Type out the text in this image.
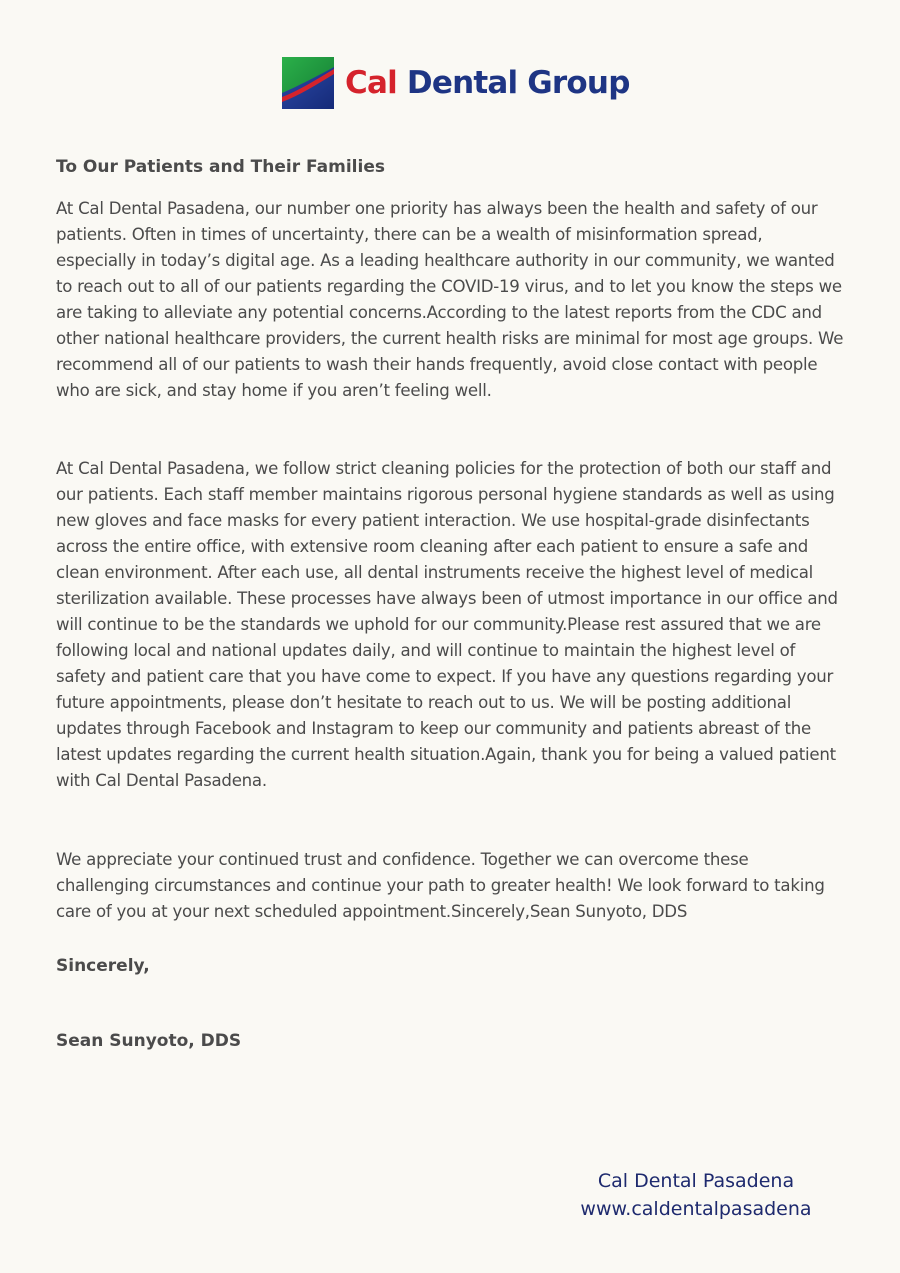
Cal Dental Group
To Our Patients and Their Families

At Cal Dental Pasadena, our number one priority has always been the health and safety of our patients. Often in times of uncertainty, there can be a wealth of misinformation spread, especially in today’s digital age. As a leading healthcare authority in our community, we wanted to reach out to all of our patients regarding the COVID-19 virus, and to let you know the steps we are taking to alleviate any potential concerns.According to the latest reports from the CDC and other national healthcare providers, the current health risks are minimal for most age groups. We recommend all of our patients to wash their hands frequently, avoid close contact with people who are sick, and stay home if you aren’t feeling well.

At Cal Dental Pasadena, we follow strict cleaning policies for the protection of both our staff and our patients. Each staff member maintains rigorous personal hygiene standards as well as using new gloves and face masks for every patient interaction. We use hospital-grade disinfectants across the entire office, with extensive room cleaning after each patient to ensure a safe and clean environment. After each use, all dental instruments receive the highest level of medical sterilization available. These processes have always been of utmost importance in our office and will continue to be the standards we uphold for our community.Please rest assured that we are following local and national updates daily, and will continue to maintain the highest level of safety and patient care that you have come to expect. If you have any questions regarding your future appointments, please don’t hesitate to reach out to us. We will be posting additional updates through Facebook and Instagram to keep our community and patients abreast of the latest updates regarding the current health situation.Again, thank you for being a valued patient with Cal Dental Pasadena.

We appreciate your continued trust and confidence. Together we can overcome these challenging circumstances and continue your path to greater health! We look forward to taking care of you at your next scheduled appointment.Sincerely,Sean Sunyoto, DDS

Sincerely,
Sean Sunyoto, DDS
Cal Dental Pasadena
www.caldentalpasadena
